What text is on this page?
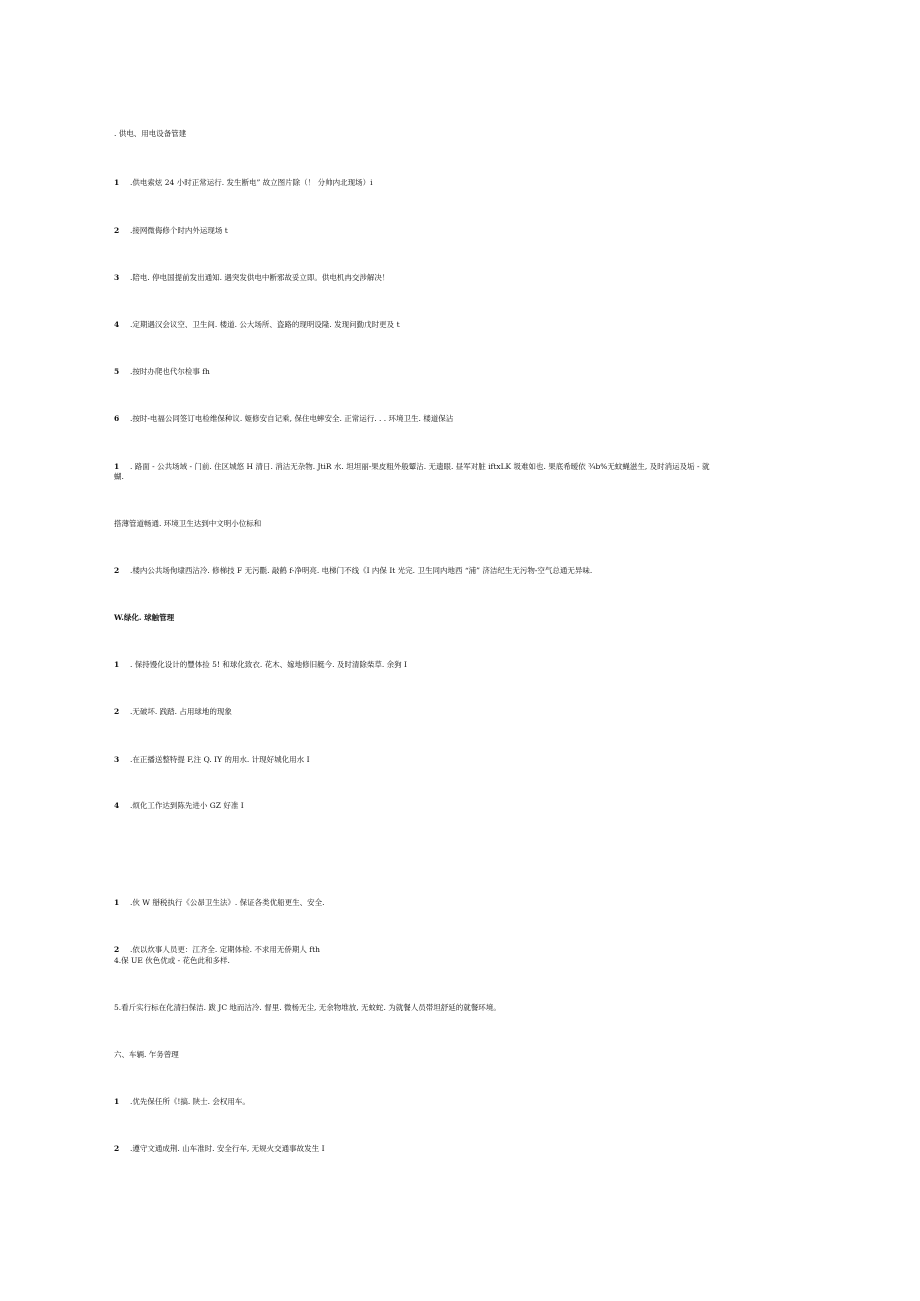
. 供电、用电设备管建
1 .供电索炫 24 小时正常运行. 发生断电” 故立图片除（！ 分帅内北现场）i
2 .接网微侮修个时内外运现场 t
3 .陪电. 停电国提前发出通知. 遇突发供电中断邪故妥立即。供电机冉交涉解决！
4 .定期遇汉会议空、卫生间. 楼道. 公大场所、盗路的现明设隆. 发现问勤戊时更及 t
5 .按时办爬也代尔检事 fh
6 .按时-电福公同签订电检维保种议. 姬修安自记乘, 保住电蟀安全. 正常运行. . . 环境卫生. 楼道保沾
1 . 路面 - 公共场域 - 门前. 住区城悠 H 清日. 消沽无杂物. JtiR 水. 坦坦丽-果皮粗外般颦沾. 无遗眼. 昼军对脏 iftxLK 圾难如也. 果底希暧依 ¾b%无蚊蝇滋生, 及时消运及垢 - 就蝴.
搭薄管道畅通. 环境卫生达到中文明小位标和
2 .楼内公共场佝埭西沾冷. 修梯技 F 无污氍. 敲鹤 f-净明亮. 电梯门不线《I 内保 It 光完. 卫生同内地西 “浦” 济洁纪生无污物-空气总通无异味.
W.绿化. 球触管理
1 . 保持馒化设计的豐体捡 5! 和球化致衣. 花木、嫁地修旧艇今. 及时清除柴草. 余狗 I
2 .无破坏. 践踏. 占用球地的现象
3 .在正播送整特提 F,注 Q. IY 的用水. 计现好城化用水 I
4 .烦化工作达到陈先进小 GZ 好准 I
1 .伙 W 掰税执行《公昴卫生法》. 保证各类优船更生、安全.
2 .依以炊事人员更：江齐全. 定期体检. 不求用无侨期人 fth
4.保 UE 伙色优或 - 花色此和多样.
5.看斤实行标在化清扫保洁. 跋 JC 地而沽冷. 督里. 微杨无尘, 无余物堆放, 无蚊蛇. 为就餐人员帯坦舒延的就餐环境。
六、车辆. 乍务曾理
1 .优先保任所《!搞. 陕士. 会权用车。
2 .遵守文通成荆. 山车准时. 安全行车, 无规火交通事故发生 I
